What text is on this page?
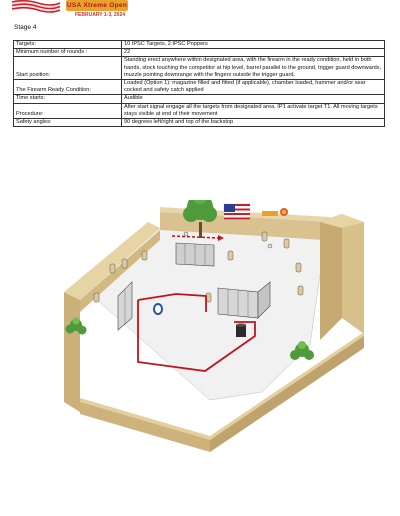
USA Xtreme Open
FEBRUARY 1-3, 2024
Stage 4
Targets:	10 IPSC Targets, 2 IPSC Poppers
Minimum number of rounds :	22
Start position:	Standing erect anywhere within designated area, with the firearm in the ready condition, held in both hands, stock touching the competitor at hip level, barrel parallel to the ground, trigger guard downwards, muzzle pointing downrange with the fingers outside the trigger guard.
The Firearm Ready Condition:	Loaded (Option 1): magazine filled and fitted (if applicable), chamber loaded, hammer and/or sear cocked and safety catch applied
Time starts:	Audible
Procedure:	After start signal engage all the targets from designated area. IP1 activate target T1. All moving targets stays visible at end of their movement
Safety angles:	90 degrees left/right and top of the backstop
